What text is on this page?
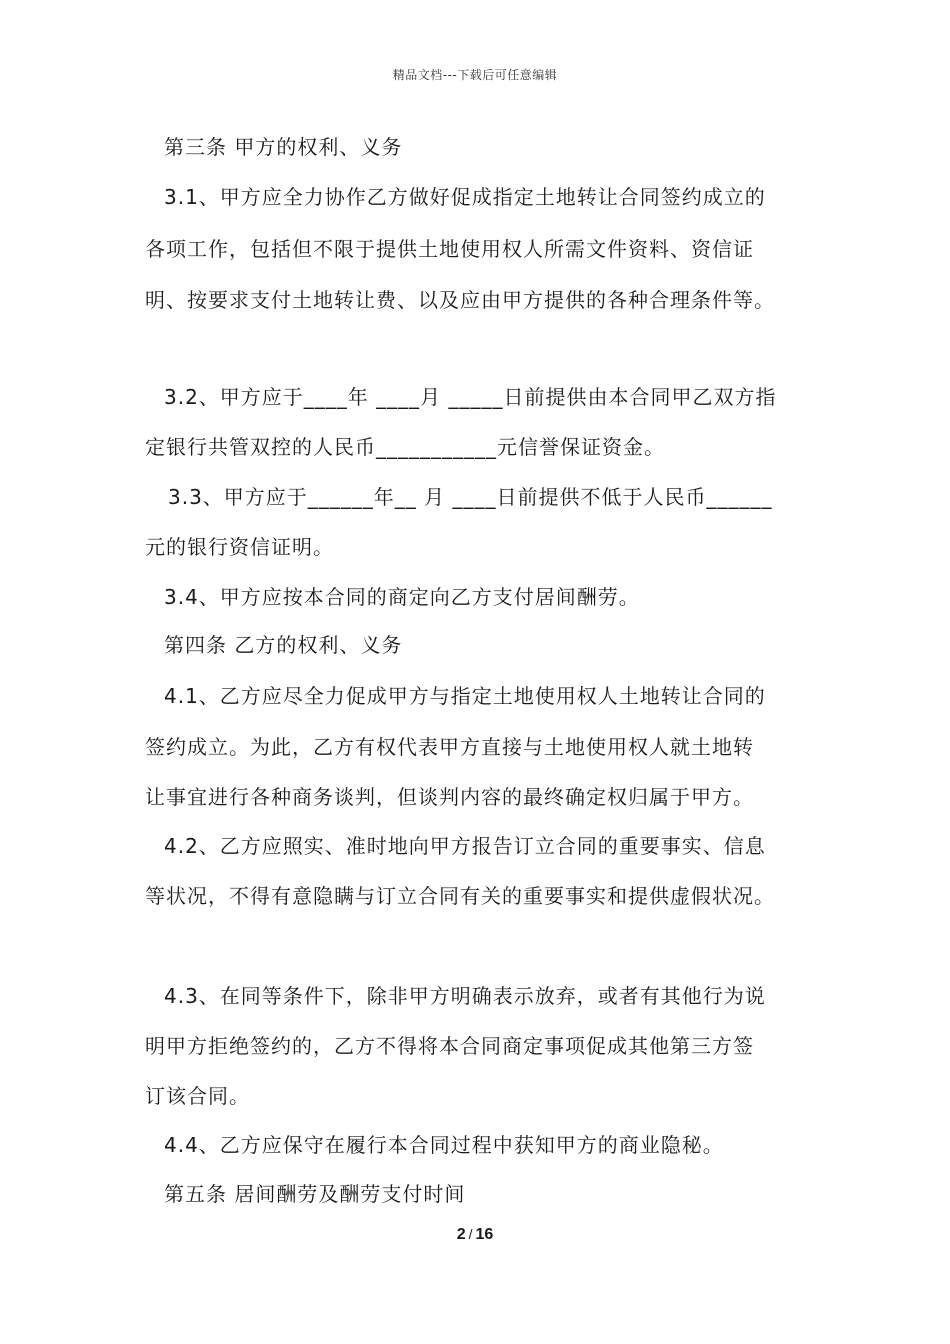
精品文档---下载后可任意编辑
第三条 甲方的权利、义务
3.1、甲方应全力协作乙方做好促成指定土地转让合同签约成立的
各项工作，包括但不限于提供土地使用权人所需文件资料、资信证
明、按要求支付土地转让费、以及应由甲方提供的各种合理条件等。
3.2、甲方应于____年 ____月 _____日前提供由本合同甲乙双方指
定银行共管双控的人民币___________元信誉保证资金。
3.3、甲方应于______年__ 月 ____日前提供不低于人民币______
元的银行资信证明。
3.4、甲方应按本合同的商定向乙方支付居间酬劳。
第四条 乙方的权利、义务
4.1、乙方应尽全力促成甲方与指定土地使用权人土地转让合同的
签约成立。为此，乙方有权代表甲方直接与土地使用权人就土地转
让事宜进行各种商务谈判，但谈判内容的最终确定权归属于甲方。
4.2、乙方应照实、准时地向甲方报告订立合同的重要事实、信息
等状况，不得有意隐瞒与订立合同有关的重要事实和提供虚假状况。
4.3、在同等条件下，除非甲方明确表示放弃，或者有其他行为说
明甲方拒绝签约的，乙方不得将本合同商定事项促成其他第三方签
订该合同。
4.4、乙方应保守在履行本合同过程中获知甲方的商业隐秘。
第五条 居间酬劳及酬劳支付时间
2 / 16
